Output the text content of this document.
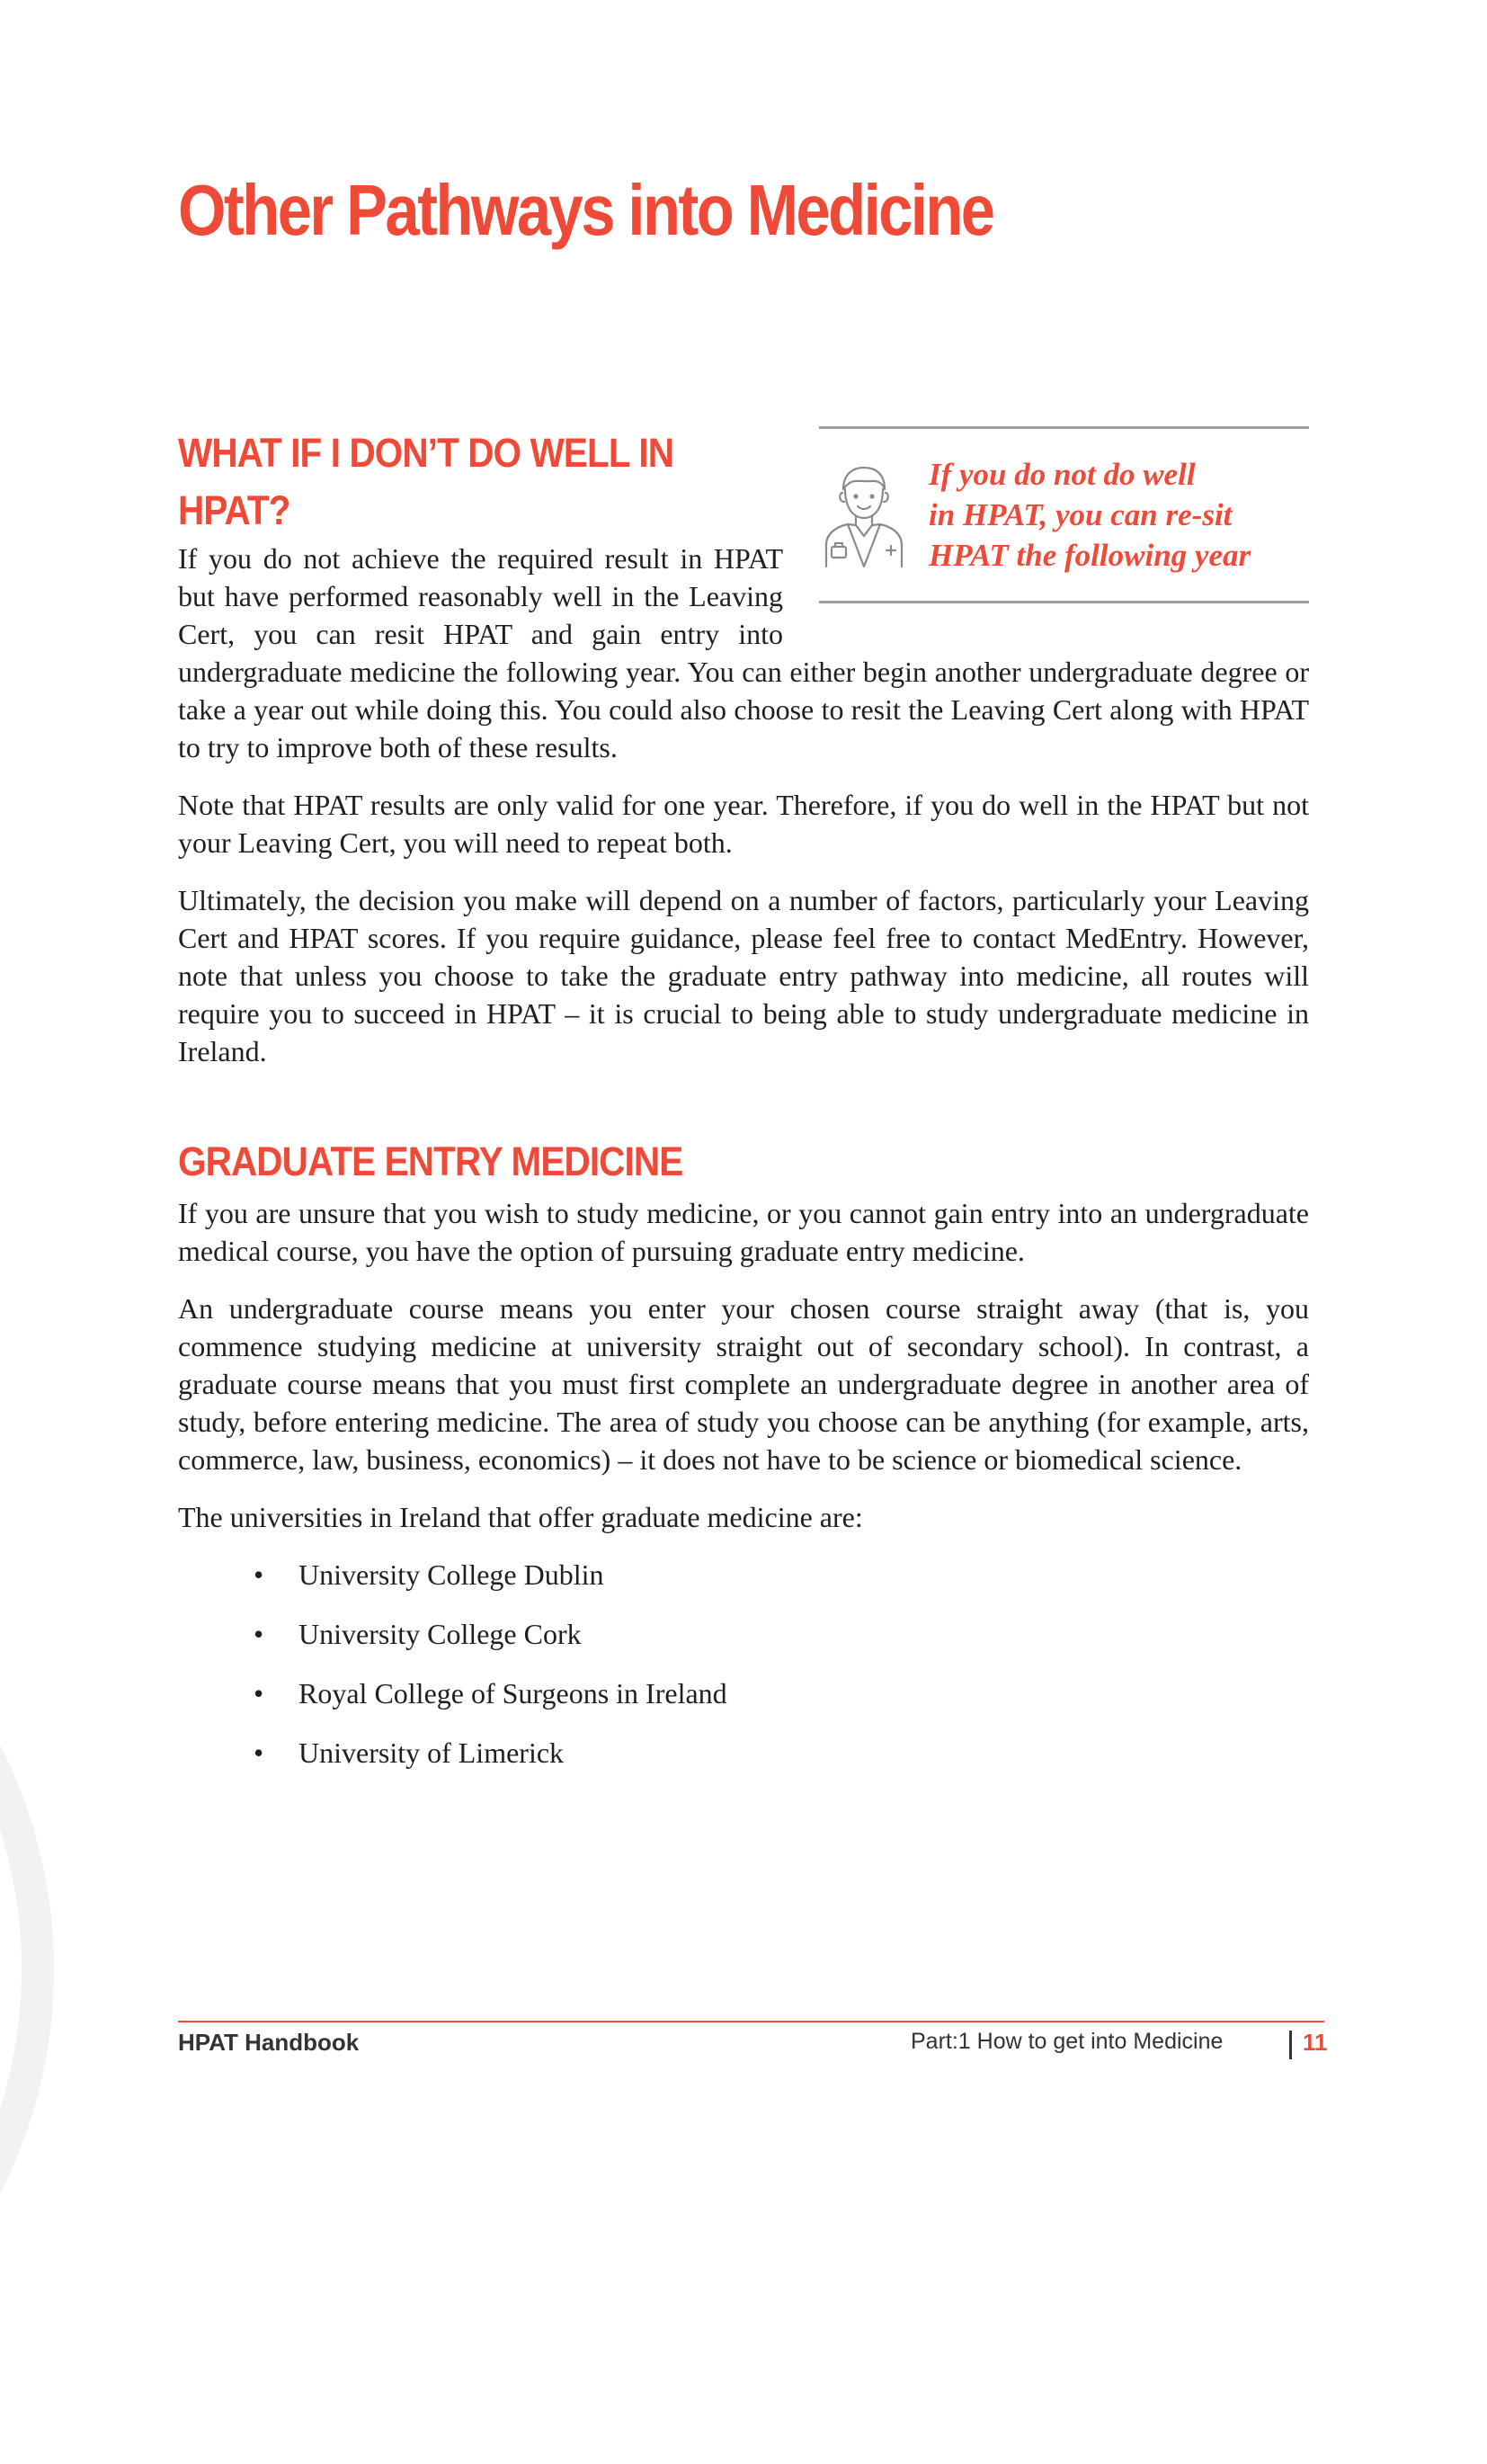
Other Pathways into Medicine
If you do not do well
in HPAT, you can re-sit
HPAT the following year
WHAT IF I DON’T DO WELL IN HPAT?

If you do not achieve the required result in HPAT but have performed reasonably well in the Leaving Cert, you can resit HPAT and gain entry into undergraduate medicine the following year. You can either begin another undergraduate degree or take a year out while doing this. You could also choose to resit the Leaving Cert along with HPAT to try to improve both of these results.

Note that HPAT results are only valid for one year. Therefore, if you do well in the HPAT but not your Leaving Cert, you will need to repeat both.

Ultimately, the decision you make will depend on a number of factors, particularly your Leaving Cert and HPAT scores. If you require guidance, please feel free to contact MedEntry. However, note that unless you choose to take the graduate entry pathway into medicine, all routes will require you to succeed in HPAT – it is crucial to being able to study undergraduate medicine in Ireland.

GRADUATE ENTRY MEDICINE

If you are unsure that you wish to study medicine, or you cannot gain entry into an undergraduate medical course, you have the option of pursuing graduate entry medicine.

An undergraduate course means you enter your chosen course straight away (that is, you commence studying medicine at university straight out of secondary school). In contrast, a graduate course means that you must first complete an undergraduate degree in another area of study, before entering medicine. The area of study you choose can be anything (for example, arts, commerce, law, business, economics) – it does not have to be science or biomedical science.

The universities in Ireland that offer graduate medicine are:

• University College Dublin
• University College Cork
• Royal College of Surgeons in Ireland
• University of Limerick
HPAT Handbook	Part:1 How to get into Medicine	11
